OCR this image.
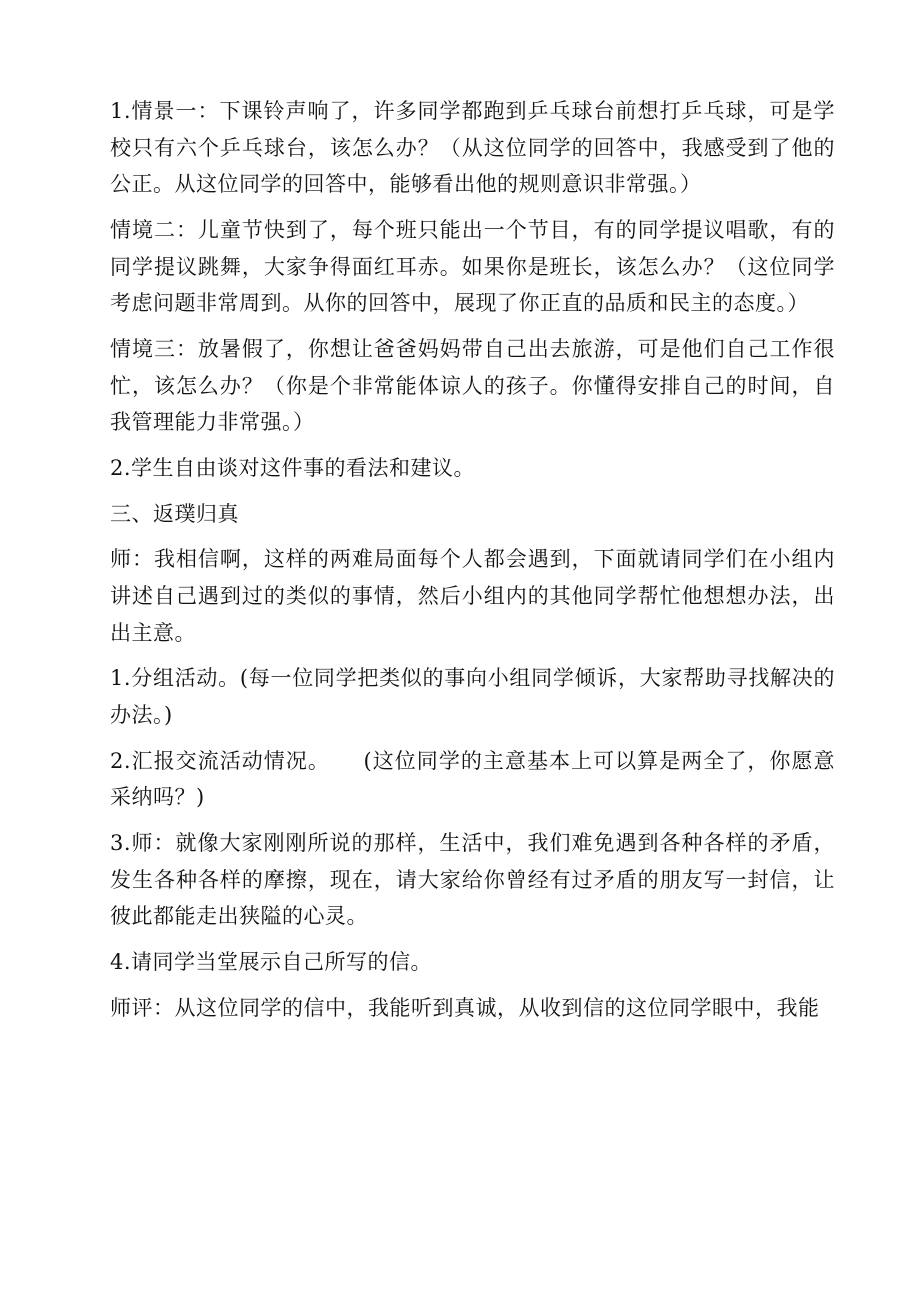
1.情景一：下课铃声响了，许多同学都跑到乒乓球台前想打乒乓球，可是学校只有六个乒乓球台，该怎么办？（从这位同学的回答中，我感受到了他的公正。从这位同学的回答中，能够看出他的规则意识非常强。）

情境二：儿童节快到了，每个班只能出一个节目，有的同学提议唱歌，有的同学提议跳舞，大家争得面红耳赤。如果你是班长，该怎么办？（这位同学考虑问题非常周到。从你的回答中，展现了你正直的品质和民主的态度。）

情境三：放暑假了，你想让爸爸妈妈带自己出去旅游，可是他们自己工作很忙，该怎么办？（你是个非常能体谅人的孩子。你懂得安排自己的时间，自我管理能力非常强。）

2.学生自由谈对这件事的看法和建议。

三、返璞归真

师：我相信啊，这样的两难局面每个人都会遇到，下面就请同学们在小组内讲述自己遇到过的类似的事情，然后小组内的其他同学帮忙他想想办法，出出主意。

1.分组活动。(每一位同学把类似的事向小组同学倾诉，大家帮助寻找解决的办法。)

2.汇报交流活动情况。　　(这位同学的主意基本上可以算是两全了，你愿意采纳吗？)

3.师：就像大家刚刚所说的那样，生活中，我们难免遇到各种各样的矛盾，发生各种各样的摩擦，现在，请大家给你曾经有过矛盾的朋友写一封信，让彼此都能走出狭隘的心灵。

4.请同学当堂展示自己所写的信。

师评：从这位同学的信中，我能听到真诚，从收到信的这位同学眼中，我能
